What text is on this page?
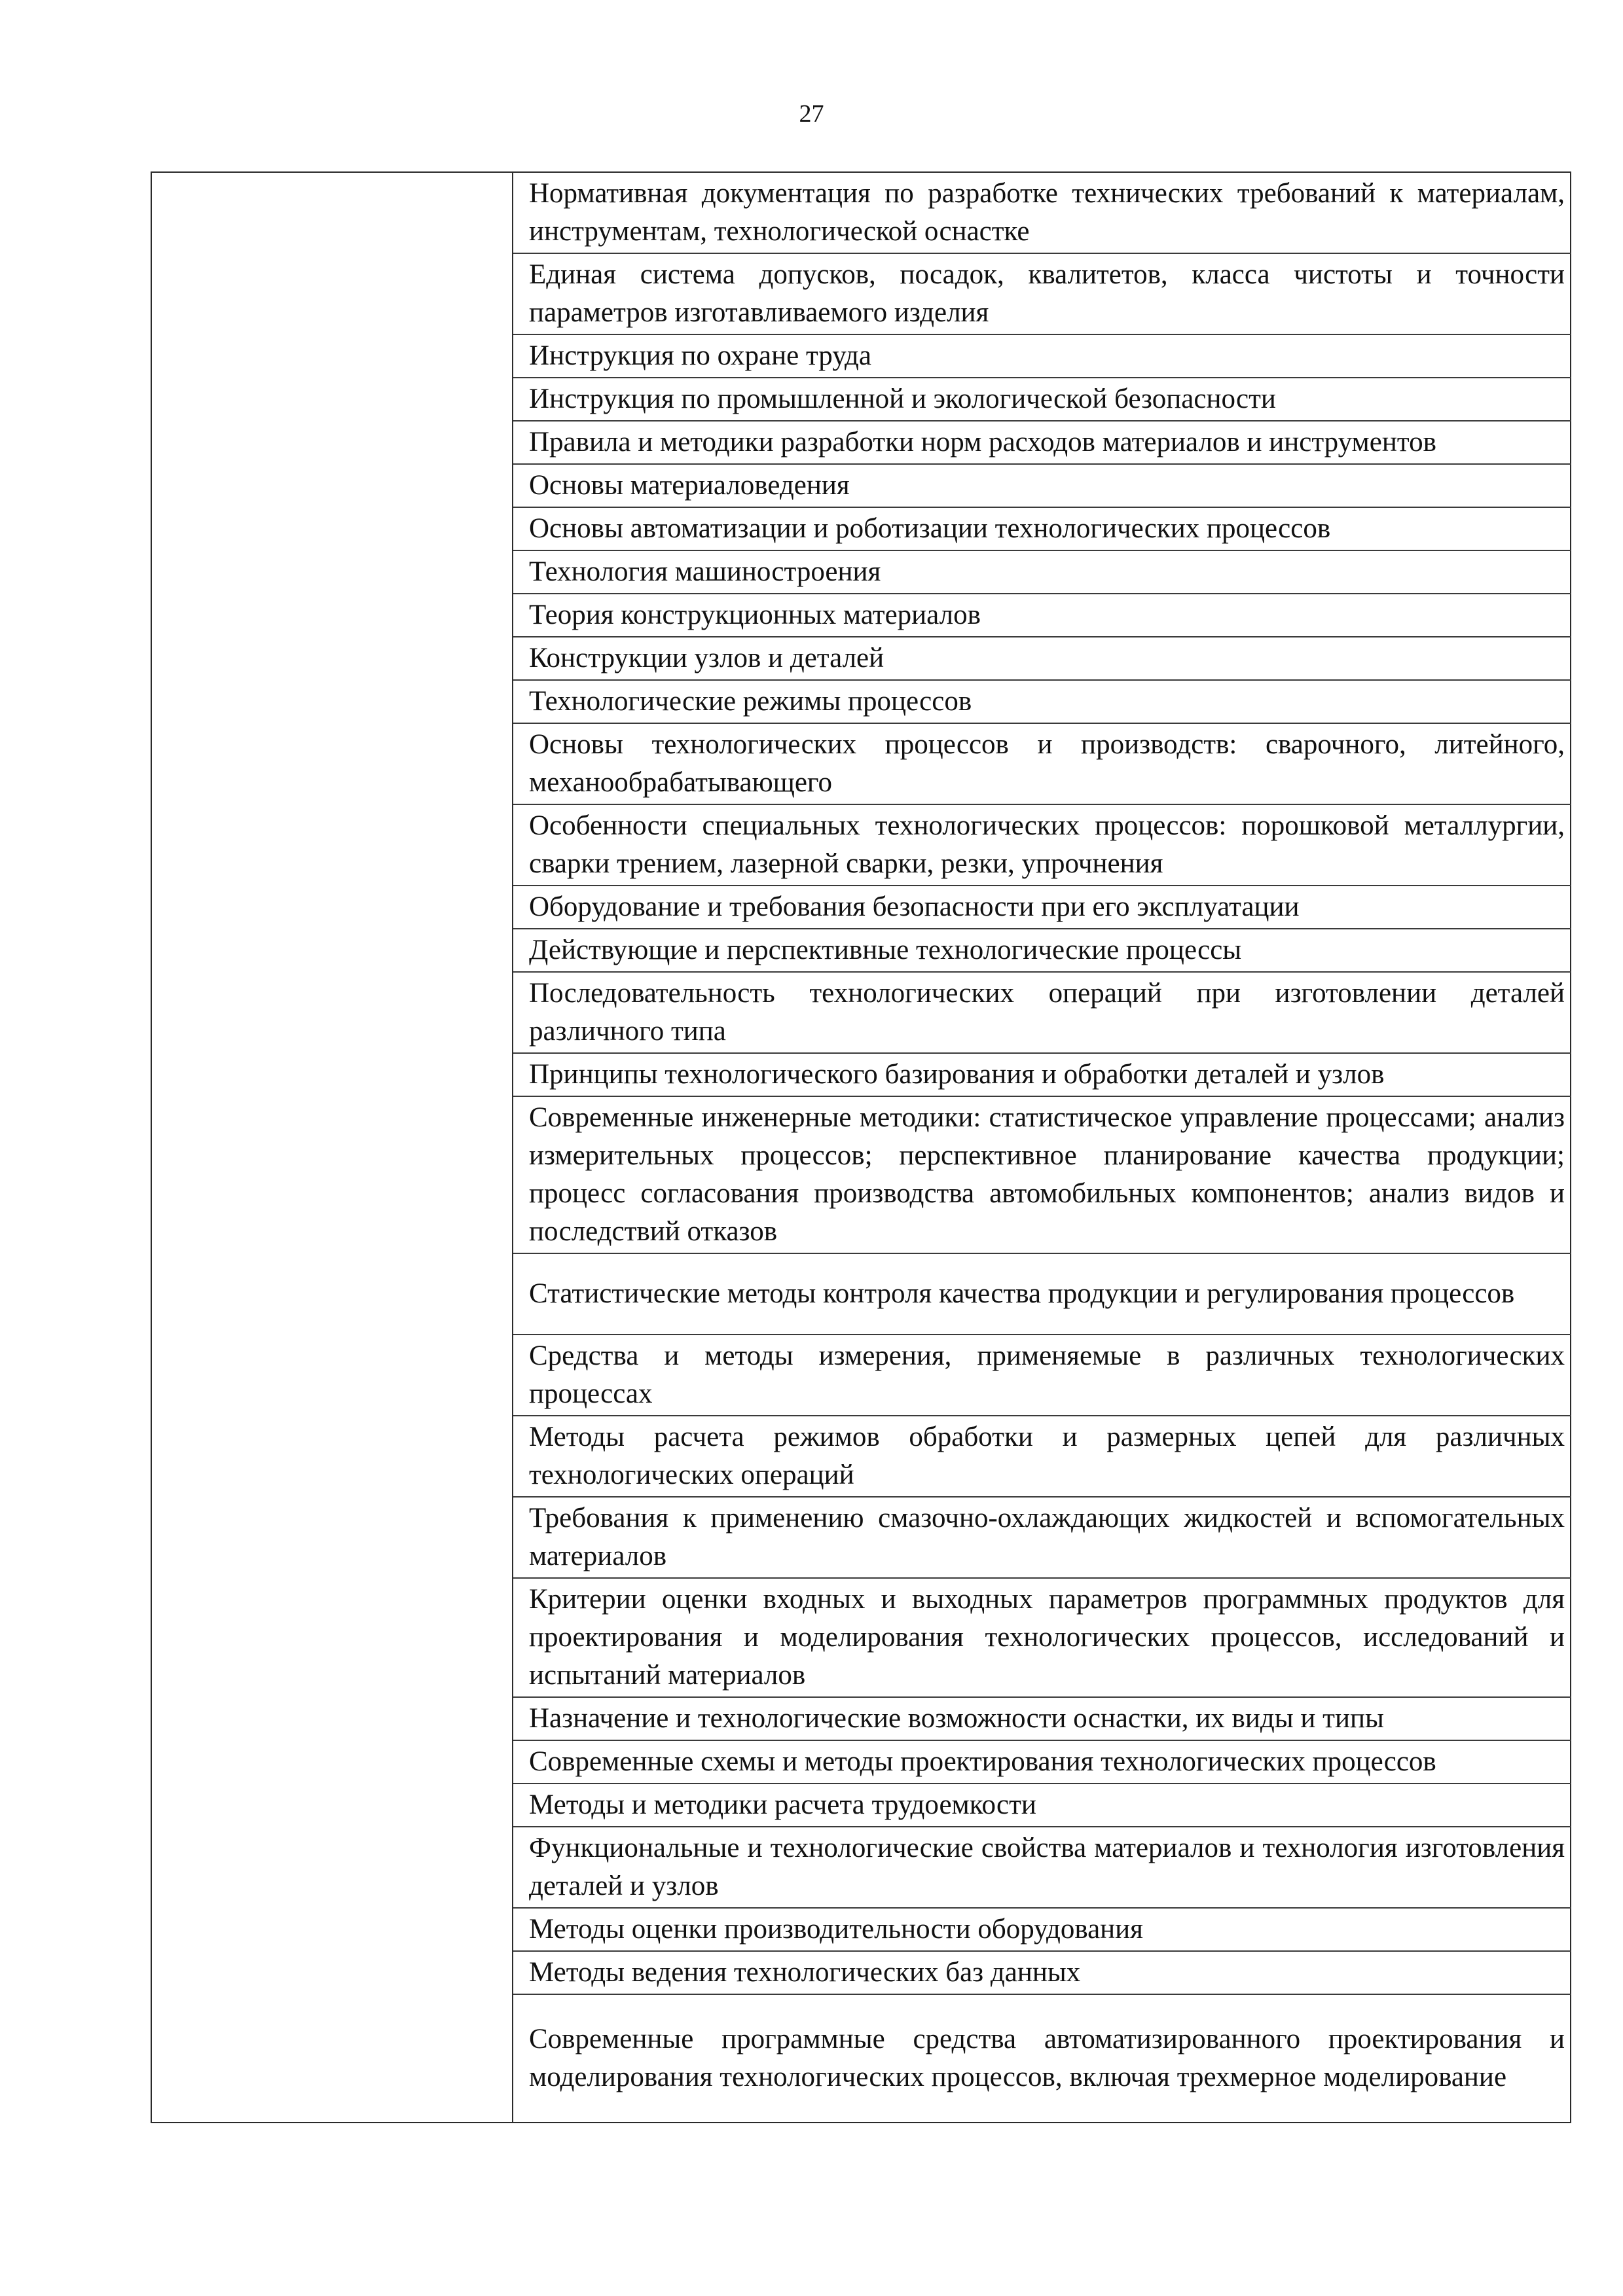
27
Нормативная документация по разработке технических требований к материалам, инструментам, технологической оснастке
Единая система допусков, посадок, квалитетов, класса чистоты и точности параметров изготавливаемого изделия
Инструкция по охране труда
Инструкция по промышленной и экологической безопасности
Правила и методики разработки норм расходов материалов и инструментов
Основы материаловедения
Основы автоматизации и роботизации технологических процессов
Технология машиностроения
Теория конструкционных материалов
Конструкции узлов и деталей
Технологические режимы процессов
Основы технологических процессов и производств: сварочного, литейного, механообрабатывающего
Особенности специальных технологических процессов: порошковой металлургии, сварки трением, лазерной сварки, резки, упрочнения
Оборудование и требования безопасности при его эксплуатации
Действующие и перспективные технологические процессы
Последовательность технологических операций при изготовлении деталей различного типа
Принципы технологического базирования и обработки деталей и узлов
Современные инженерные методики: статистическое управление процессами; анализ измерительных процессов; перспективное планирование качества продукции; процесс согласования производства автомобильных компонентов; анализ видов и последствий отказов
Статистические методы контроля качества продукции и регулирования процессов
Средства и методы измерения, применяемые в различных технологических процессах
Методы расчета режимов обработки и размерных цепей для различных технологических операций
Требования к применению смазочно-охлаждающих жидкостей и вспомогательных материалов
Критерии оценки входных и выходных параметров программных продуктов для проектирования и моделирования технологических процессов, исследований и испытаний материалов
Назначение и технологические возможности оснастки, их виды и типы
Современные схемы и методы проектирования технологических процессов
Методы и методики расчета трудоемкости
Функциональные и технологические свойства материалов и технология изготовления деталей и узлов
Методы оценки производительности оборудования
Методы ведения технологических баз данных
Современные программные средства автоматизированного проектирования и моделирования технологических процессов, включая трехмерное моделирование
